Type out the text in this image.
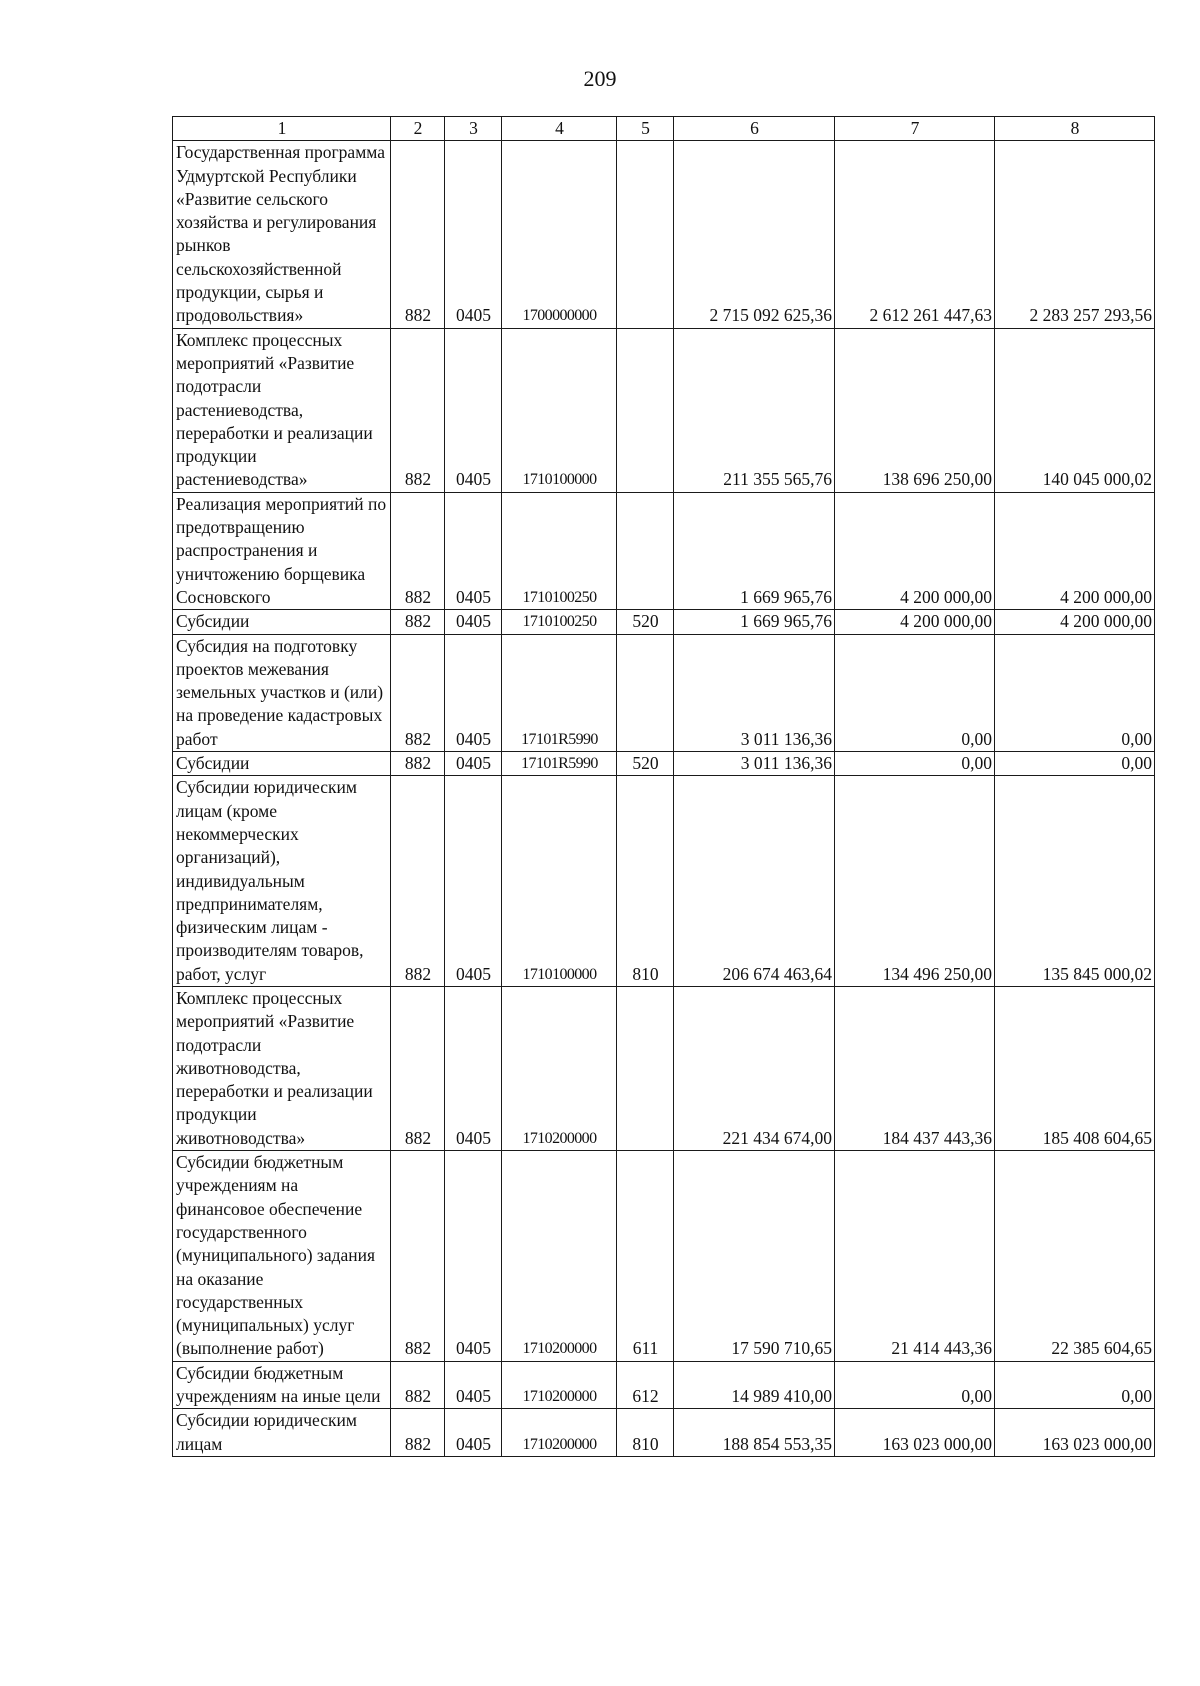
209
1	2	3	4	5	6	7	8
Государственная программа Удмуртской Республики «Развитие сельского хозяйства и регулирования рынков сельскохозяйственной продукции, сырья и продовольствия»	882	0405	1700000000		2 715 092 625,36	2 612 261 447,63	2 283 257 293,56
Комплекс процессных мероприятий «Развитие подотрасли растениеводства, переработки и реализации продукции растениеводства»	882	0405	1710100000		211 355 565,76	138 696 250,00	140 045 000,02
Реализация мероприятий по предотвращению распространения и уничтожению борщевика Сосновского	882	0405	1710100250		1 669 965,76	4 200 000,00	4 200 000,00
Субсидии	882	0405	1710100250	520	1 669 965,76	4 200 000,00	4 200 000,00
Субсидия на подготовку проектов межевания земельных участков и (или) на проведение кадастровых работ	882	0405	17101R5990		3 011 136,36	0,00	0,00
Субсидии	882	0405	17101R5990	520	3 011 136,36	0,00	0,00
Субсидии юридическим лицам (кроме некоммерческих организаций), индивидуальным предпринимателям, физическим лицам - производителям товаров, работ, услуг	882	0405	1710100000	810	206 674 463,64	134 496 250,00	135 845 000,02
Комплекс процессных мероприятий «Развитие подотрасли животноводства, переработки и реализации продукции животноводства»	882	0405	1710200000		221 434 674,00	184 437 443,36	185 408 604,65
Субсидии бюджетным учреждениям на финансовое обеспечение государственного (муниципального) задания на оказание государственных (муниципальных) услуг (выполнение работ)	882	0405	1710200000	611	17 590 710,65	21 414 443,36	22 385 604,65
Субсидии бюджетным учреждениям на иные цели	882	0405	1710200000	612	14 989 410,00	0,00	0,00
Субсидии юридическим лицам	882	0405	1710200000	810	188 854 553,35	163 023 000,00	163 023 000,00
